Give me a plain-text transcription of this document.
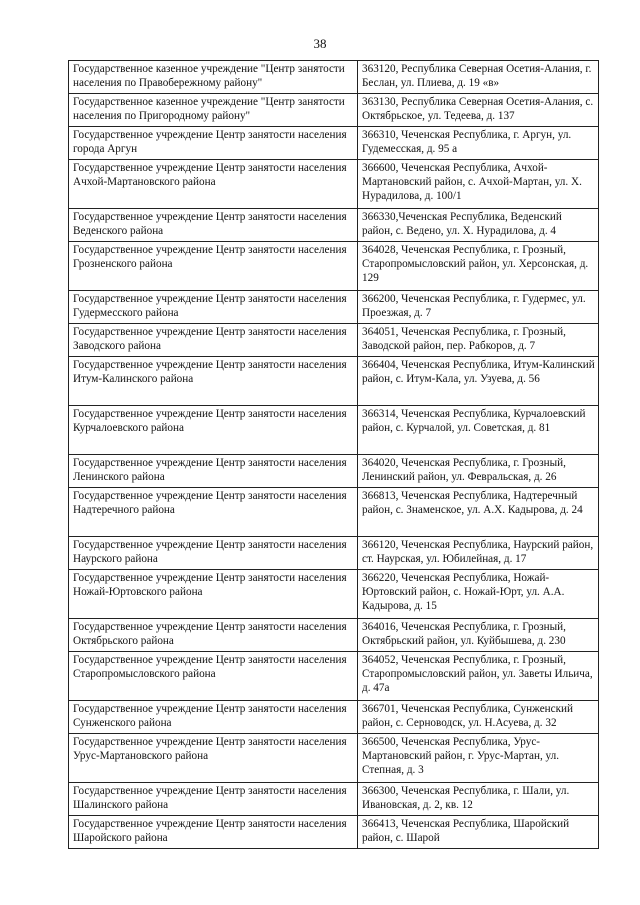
38
Государственное казенное учреждение "Центр занятости населения по Правобережному району"	363120, Республика Северная Осетия-Алания, г. Беслан, ул. Плиева, д. 19 «в»
Государственное казенное учреждение "Центр занятости населения по Пригородному району"	363130, Республика Северная Осетия-Алания, с. Октябрьское, ул. Тедеева, д. 137
Государственное учреждение Центр занятости населения города Аргун	366310, Чеченская Республика, г. Аргун, ул. Гудемесская, д. 95 а
Государственное учреждение Центр занятости населения Ачхой-Мартановского района	366600, Чеченская Республика, Ачхой-Мартановский район, с. Ачхой-Мартан, ул. Х. Нурадилова, д. 100/1
Государственное учреждение Центр занятости населения Веденского района	366330,Чеченская Республика, Веденский район, с. Ведено, ул. Х. Нурадилова, д. 4
Государственное учреждение Центр занятости населения Грозненского района	364028, Чеченская Республика, г. Грозный, Старопромысловский район, ул. Херсонская, д. 129
Государственное учреждение Центр занятости населения Гудермесского района	366200, Чеченская Республика, г. Гудермес, ул. Проезжая, д. 7
Государственное учреждение Центр занятости населения Заводского района	364051, Чеченская Республика, г. Грозный, Заводской район, пер. Рабкоров, д. 7
Государственное учреждение Центр занятости населения Итум-Калинского района	366404, Чеченская Республика, Итум-Калинский район, с. Итум-Кала, ул. Узуева, д. 56
Государственное учреждение Центр занятости населения Курчалоевского района	366314, Чеченская Республика, Курчалоевский район, с. Курчалой, ул. Советская, д. 81
Государственное учреждение Центр занятости населения Ленинского района	364020, Чеченская Республика, г. Грозный, Ленинский район, ул. Февральская, д. 26
Государственное учреждение Центр занятости населения Надтеречного района	366813, Чеченская Республика, Надтеречный район, с. Знаменское, ул. А.Х. Кадырова, д. 24
Государственное учреждение Центр занятости населения Наурского района	366120, Чеченская Республика, Наурский район, ст. Наурская, ул. Юбилейная, д. 17
Государственное учреждение Центр занятости населения Ножай-Юртовского района	366220, Чеченская Республика, Ножай-Юртовский район, с. Ножай-Юрт, ул. А.А. Кадырова, д. 15
Государственное учреждение Центр занятости населения Октябрьского района	364016, Чеченская Республика, г. Грозный, Октябрьский район, ул. Куйбышева, д. 230
Государственное учреждение Центр занятости населения Старопромысловского района	364052, Чеченская Республика, г. Грозный, Старопромысловский район, ул. Заветы Ильича, д. 47а
Государственное учреждение Центр занятости населения Сунженского района	366701, Чеченская Республика, Сунженский район, с. Серноводск, ул. Н.Асуева, д. 32
Государственное учреждение Центр занятости населения Урус-Мартановского района	366500, Чеченская Республика, Урус-Мартановский район, г. Урус-Мартан, ул. Степная, д. 3
Государственное учреждение Центр занятости населения Шалинского района	366300, Чеченская Республика, г. Шали, ул. Ивановская, д. 2, кв. 12
Государственное учреждение Центр занятости населения Шаройского района	366413, Чеченская Республика, Шаройский район, с. Шарой
